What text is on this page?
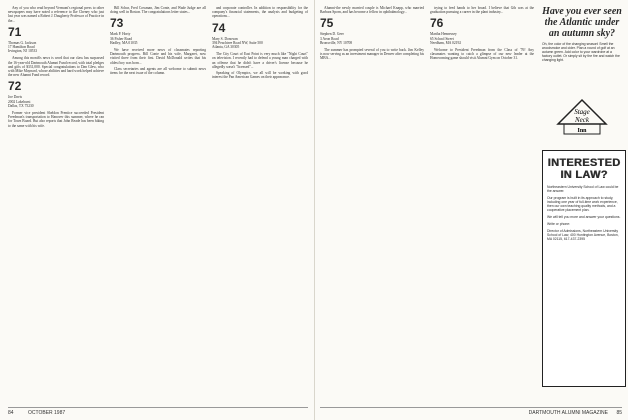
Any of you who read beyond Vermont's regional press to other newspapers may have noted a reference to Ike Cheney who just last year was named a Robert J. Daugherty Professor of Practice in the...

71
Thomas G. Jackson
17 Hamilton Road
Irvington, NJ 10533

Among this month's news is word that our class has surpassed the 16-year-old Dartmouth Alumni Fund record, with total pledges and gifts of $331,000. Special congratulations to Dan Glew, who with Mike Maynard, whose abilities and hard work helped achieve the new Alumni Fund record.

72
Joe Davis
2002 Lakehurst
Dallas, TX 75230

Former vice president Sheldon Prentice succeeded President Freedman's transportation to Hanover this summer, where he ran for Town Board. But also reports that John Reade has been hiking to the same with his wife.

Bill Schur, Fred Cossman, Jim Conte, and Wade Judge are all doing well in Boston. The congratulations letter states...

73
Mark P. Horty
36 Fisher Road
Hadley, MA 01035

We have received more news of classmates reporting Dartmouth progress. Bill Conte and his wife, Margaret, now visited three from their first. David McDonald writes that his oldest boy was born...

Class secretaries and agents are all welcome to submit news items for the next issue of the column.

and corporate controller. In addition to responsibility for the company's financial statements, the analysis and budgeting of operations...

74
Mary S. Donovan
394 Peachtree Road NW, Suite 500
Atlanta, GA 30305

The City Court of East Point is very much like "Night Court" on television. I recently had to defend a young man charged with an offense that he didn't have a driver's license because he allegedly wasn't "licensed"...

Speaking of Olympics, we all will be working with good interest the Pan American Games on their appearance.

84	OCTOBER 1987

Alumni-the newly married couple is Michael Knapp, who married Barbara Sporn, and has become a fellow in ophthalmology...

75
Stephen D. Geer
3 Avon Road
Bronxville, NY 10708

The summer has prompted several of you to write back. Jim Kelley is now serving as an investment manager in Denver after completing his MBA...

trying to feed hands to her broad. I believe that Gib was at the graduation pursuing a career in the plant industry...

76
Martha Hennessey
65 School Street
Needham, MA 02192

Welcome to President Freedman from the Class of '76! Any classmates wanting to catch a glimpse of our new leader at the Homecoming game should visit Alumni Gym on October 31.

Have you ever seen the Atlantic under an autumn sky?
Oh, the color of the changing season! Smell the woodsmoke and cider. Plan a round of golf at an autumn green. Add color to your wardrobe at a factory outlet. Or simply sit by the fire and watch the changing light.
Stage
Neck
Inn
INTERESTED IN LAW?

Northeastern University School of Law could be the answer.

Our program is built in its approach to study, including one year of full-time work experience, then our own teaching quality methods, and a cooperative placement plan.

We will tell you more and answer your questions.

Write or phone:

Director of Admissions, Northeastern University School of Law, 400 Huntington Avenue, Boston, MA 02115, 617-437-2395

DARTMOUTH ALUMNI MAGAZINE 85
